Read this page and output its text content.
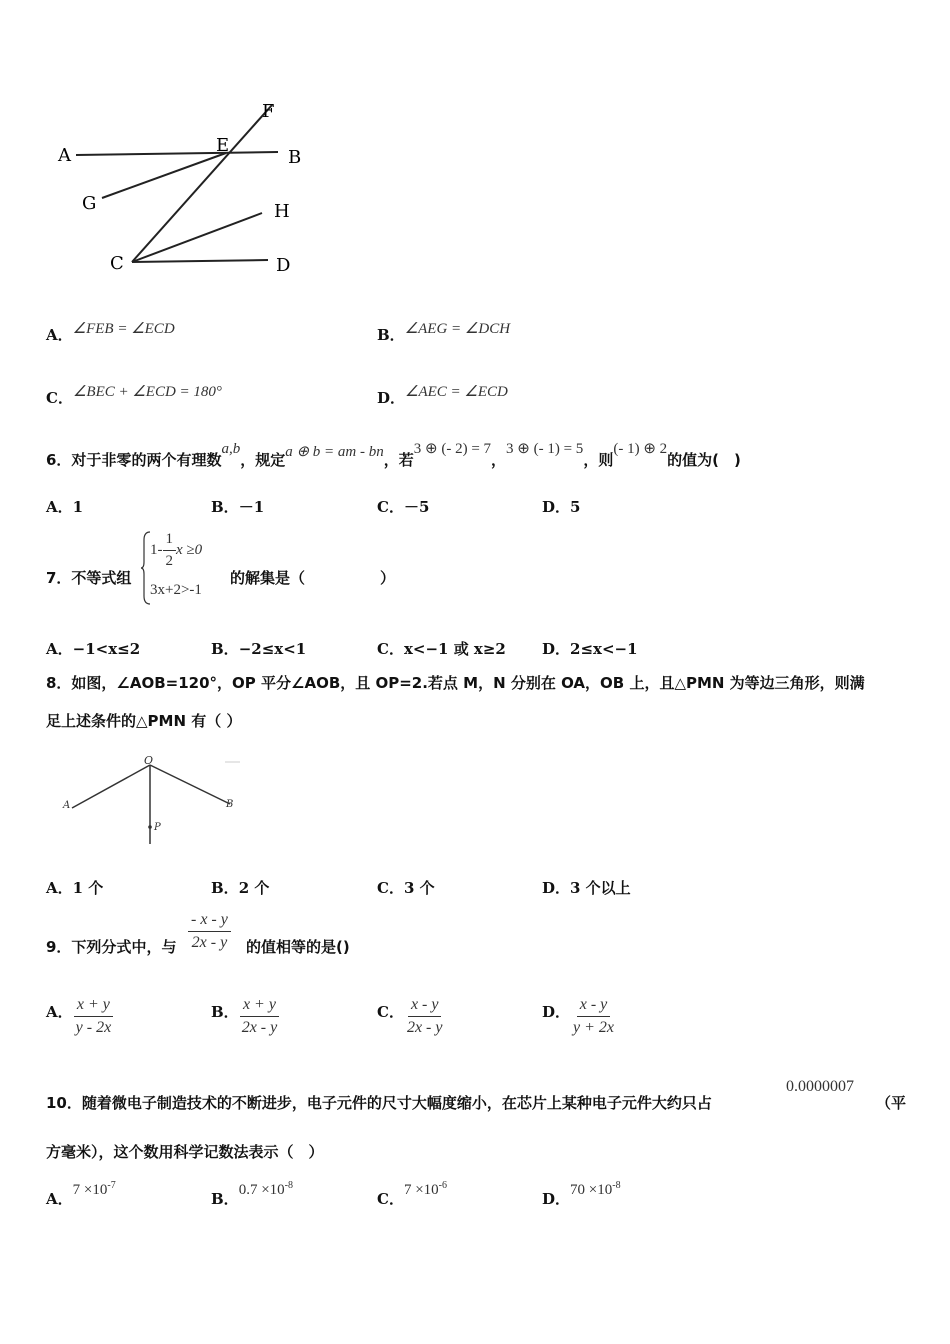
A	E
F
B
G	H
C	D
A．∠FEB = ∠ECD	B．∠AEG = ∠DCH
C．∠BEC + ∠ECD = 180°	D．∠AEC = ∠ECD
6．对于非零的两个有理数a,b，规定a ⊕ b = am - bn，若3 ⊕ (- 2) = 7，3 ⊕ (- 1) = 5，则(- 1) ⊕ 2的值为(　)
A．1	B．－1	C．－5	D．5
7．不等式组
$1- \frac{1}{2}$ x ≥0
3x+2>-1
的解集是（　　　　　）
A．−1<x≤2	B．−2≤x<1	C．x<−1 或 x≥2 D．2≤x<−1
8．如图，∠AOB=120°，OP 平分∠AOB，且 OP=2.若点 M，N 分别在 OA，OB 上，且△PMN 为等边三角形，则满
足上述条件的△PMN 有（ ）
O
A	B
P
A．1 个	B．2 个	C．3 个	D．3 个以上
9．下列分式中，与 $\frac{- x - y}{2x - y}$ 的值相等的是()
A． $\frac{x + y}{y - 2x}$	B． $\frac{x + y}{2x - y}$	C． $\frac{x - y}{2x - y}$	D． $\frac{x - y}{y + 2x}$
10．随着微电子制造技术的不断进步，电子元件的尺寸大幅度缩小，在芯片上某种电子元件大约只占
0.0000007
（平
方毫米），这个数用科学记数法表示（　）
A．$7 \times 10^{-7}$
B．$0.7 \times 10^{-8}$
C．$7 \times 10^{-6}$
D．$70 \times 10^{-8}$
